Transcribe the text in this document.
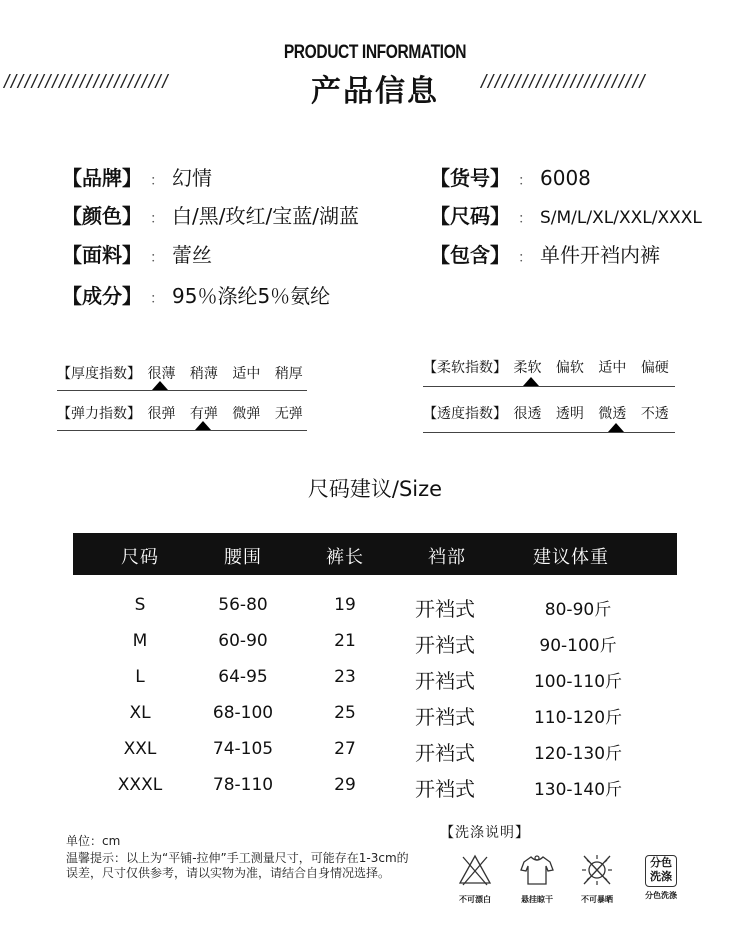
PRODUCT INFORMATION
产品信息
////////////////////////	////////////////////////
【品牌】 ： 幻情	【货号】 ： 6008
【颜色】 ： 白/黑/玫红/宝蓝/湖蓝	【尺码】 ： S/M/L/XL/XXL/XXXL
【面料】 ： 蕾丝	【包含】 ： 单件开裆内裤
【成分】 ： 95％涤纶5％氨纶
【厚度指数】 很薄 稍薄 适中 稍厚
【弹力指数】 很弹 有弹 微弹 无弹
【柔软指数】 柔软 偏软 适中 偏硬
【透度指数】 很透 透明 微透 不透
尺码建议/Size
尺码	腰围	裤长	裆部	建议体重
S	56-80	19	开裆式	80-90斤
M	60-90	21	开裆式	90-100斤
L	64-95	23	开裆式	100-110斤
XL	68-100	25	开裆式	110-120斤
XXL	74-105	27	开裆式	120-130斤
XXXL	78-110	29	开裆式	130-140斤
单位：cm
温馨提示：以上为“平铺-拉伸”手工测量尺寸，可能存在1-3cm的误差，尺寸仅供参考，请以实物为准，请结合自身情况选择。
【洗涤说明】
不可漂白	悬挂晾干	不可暴晒
分色
洗涤
分色洗涤
